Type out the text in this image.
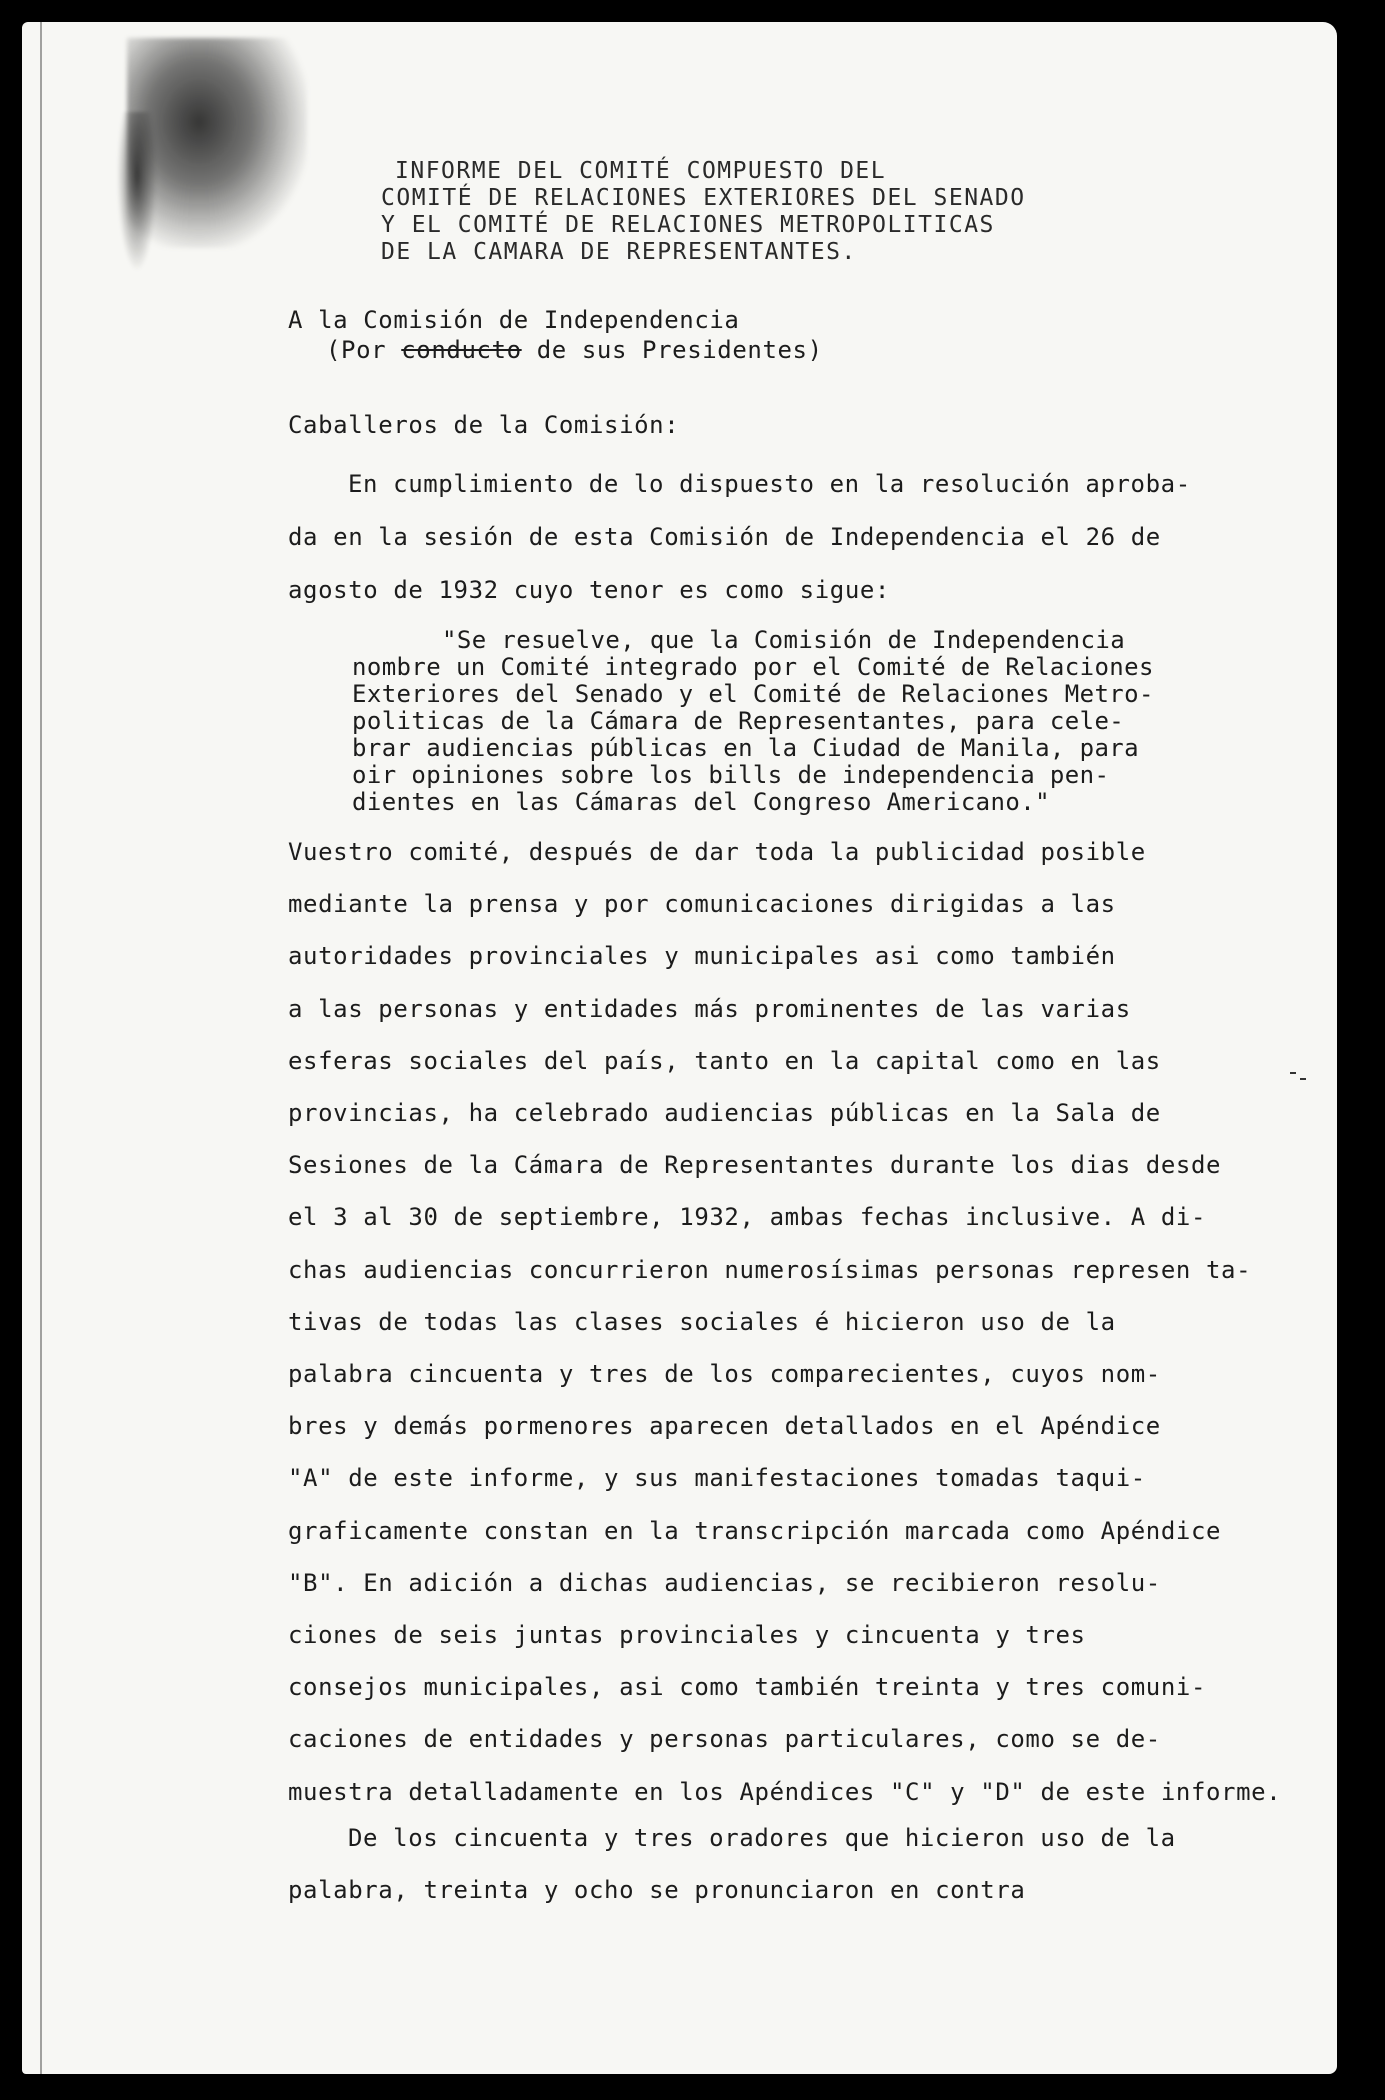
INFORME DEL COMITÉ COMPUESTO DEL
COMITÉ DE RELACIONES EXTERIORES DEL SENADO
Y EL COMITÉ DE RELACIONES METROPOLITICAS
DE LA CAMARA DE REPRESENTANTES.
A la Comisión de Independencia
(Por conducto de sus Presidentes)
Caballeros de la Comisión:
En cumplimiento de lo dispuesto en la resolución aproba-
da en la sesión de esta Comisión de Independencia el 26 de
agosto de 1932 cuyo tenor es como sigue:
"Se resuelve, que la Comisión de Independencia
nombre un Comité integrado por el Comité de Relaciones
Exteriores del Senado y el Comité de Relaciones Metro-
politicas de la Cámara de Representantes, para cele-
brar audiencias públicas en la Ciudad de Manila, para
oir opiniones sobre los bills de independencia pen-
dientes en las Cámaras del Congreso Americano."
Vuestro comité, después de dar toda la publicidad posible
mediante la prensa y por comunicaciones dirigidas a las
autoridades provinciales y municipales asi como también
a las personas y entidades más prominentes de las varias
esferas sociales del país, tanto en la capital como en las
provincias, ha celebrado audiencias públicas en la Sala de
Sesiones de la Cámara de Representantes durante los dias desde
el 3 al 30 de septiembre, 1932, ambas fechas inclusive. A di-
chas audiencias concurrieron numerosísimas personas represen ta-
tivas de todas las clases sociales é hicieron uso de la
palabra cincuenta y tres de los comparecientes, cuyos nom-
bres y demás pormenores aparecen detallados en el Apéndice
"A" de este informe, y sus manifestaciones tomadas taqui-
graficamente constan en la transcripción marcada como Apéndice
"B". En adición a dichas audiencias, se recibieron resolu-
ciones de seis juntas provinciales y cincuenta y tres
consejos municipales, asi como también treinta y tres comuni-
caciones de entidades y personas particulares, como se de-
muestra detalladamente en los Apéndices "C" y "D" de este informe.
De los cincuenta y tres oradores que hicieron uso de la
palabra, treinta y ocho se pronunciaron en contra
